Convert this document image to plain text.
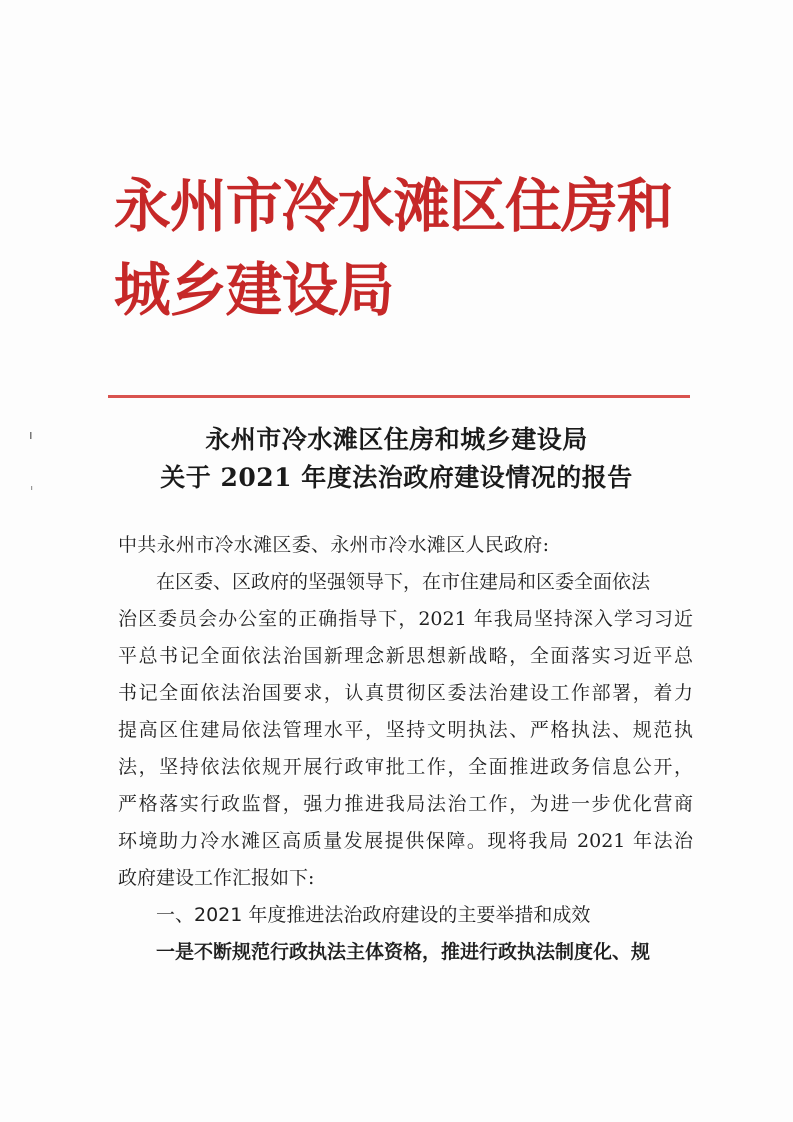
永州市冷水滩区住房和城乡建设局
永州市冷水滩区住房和城乡建设局
关于 2021 年度法治政府建设情况的报告
中共永州市冷水滩区委、永州市冷水滩区人民政府:
在区委、区政府的坚强领导下，在市住建局和区委全面依法
治区委员会办公室的正确指导下，2021 年我局坚持深入学习习近
平总书记全面依法治国新理念新思想新战略，全面落实习近平总
书记全面依法治国要求，认真贯彻区委法治建设工作部署，着力
提高区住建局依法管理水平，坚持文明执法、严格执法、规范执
法，坚持依法依规开展行政审批工作，全面推进政务信息公开，
严格落实行政监督，强力推进我局法治工作，为进一步优化营商
环境助力冷水滩区高质量发展提供保障。现将我局 2021 年法治
政府建设工作汇报如下:
一、2021 年度推进法治政府建设的主要举措和成效
一是不断规范行政执法主体资格，推进行政执法制度化、规
